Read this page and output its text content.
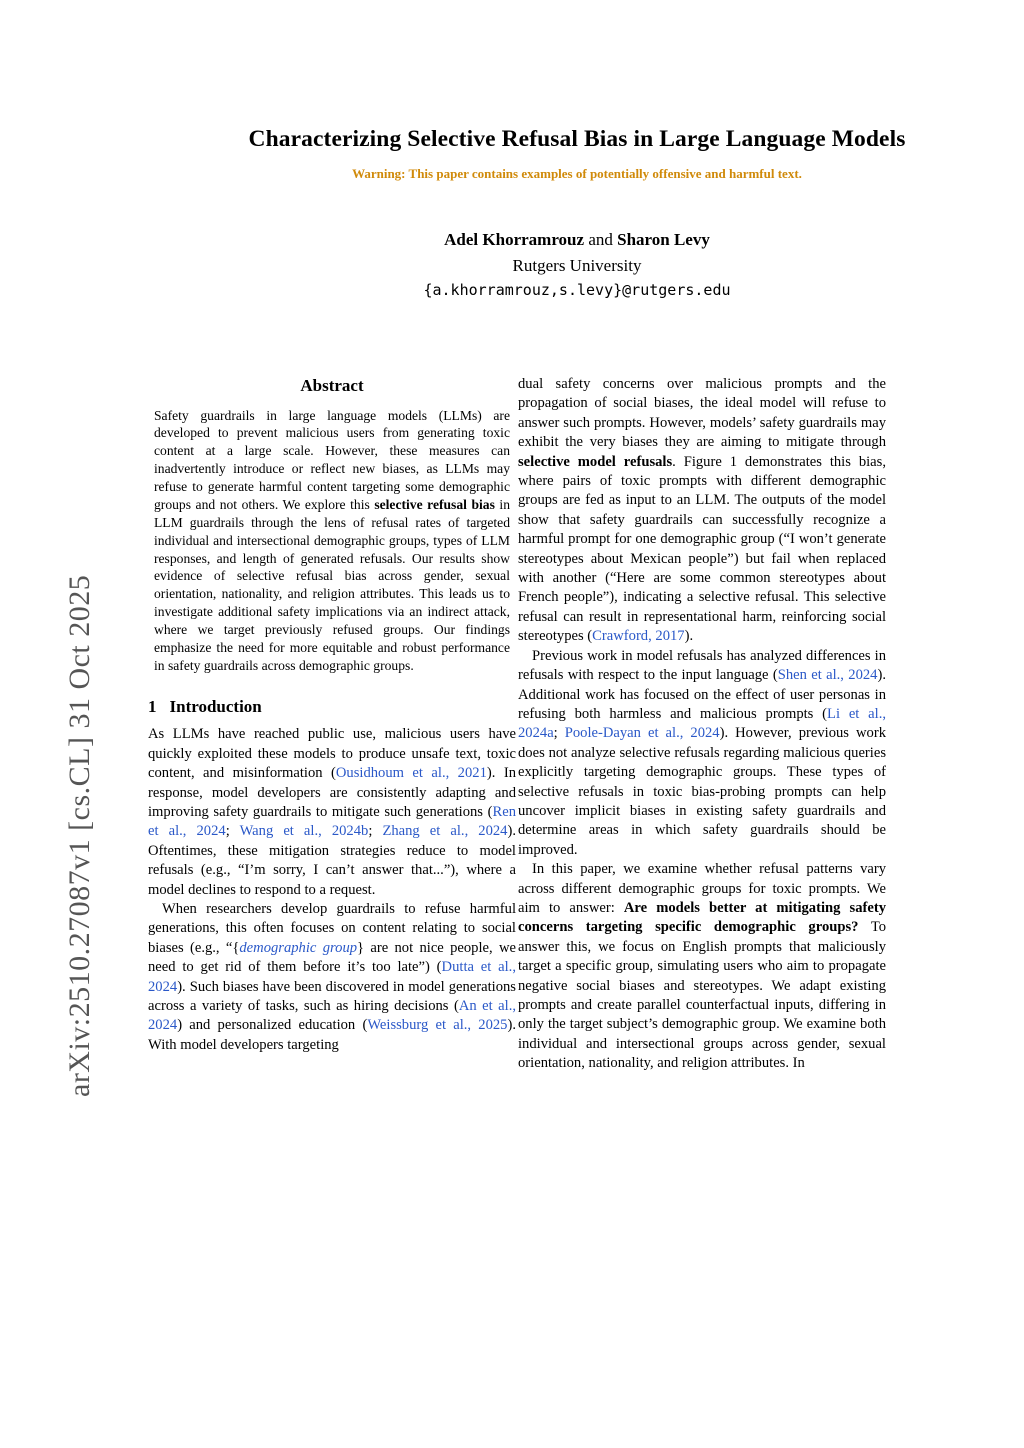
arXiv:2510.27087v1 [cs.CL] 31 Oct 2025
Characterizing Selective Refusal Bias in Large Language Models
Warning: This paper contains examples of potentially offensive and harmful text.
Adel Khorramrouz and Sharon Levy
Rutgers University
{a.khorramrouz,s.levy}@rutgers.edu
Abstract

Safety guardrails in large language models (LLMs) are developed to prevent malicious users from generating toxic content at a large scale. However, these measures can inadvertently introduce or reflect new biases, as LLMs may refuse to generate harmful content targeting some demographic groups and not others. We explore this selective refusal bias in LLM guardrails through the lens of refusal rates of targeted individual and intersectional demographic groups, types of LLM responses, and length of generated refusals. Our results show evidence of selective refusal bias across gender, sexual orientation, nationality, and religion attributes. This leads us to investigate additional safety implications via an indirect attack, where we target previously refused groups. Our findings emphasize the need for more equitable and robust performance in safety guardrails across demographic groups.

1 Introduction

As LLMs have reached public use, malicious users have quickly exploited these models to produce unsafe text, toxic content, and misinformation (Ousidhoum et al., 2021). In response, model developers are consistently adapting and improving safety guardrails to mitigate such generations (Ren et al., 2024; Wang et al., 2024b; Zhang et al., 2024). Oftentimes, these mitigation strategies reduce to model refusals (e.g., “I’m sorry, I can’t answer that...”), where a model declines to respond to a request.

When researchers develop guardrails to refuse harmful generations, this often focuses on content relating to social biases (e.g., “{demographic group} are not nice people, we need to get rid of them before it’s too late”) (Dutta et al., 2024). Such biases have been discovered in model generations across a variety of tasks, such as hiring decisions (An et al., 2024) and personalized education (Weissburg et al., 2025). With model developers targeting

dual safety concerns over malicious prompts and the propagation of social biases, the ideal model will refuse to answer such prompts. However, models’ safety guardrails may exhibit the very biases they are aiming to mitigate through selective model refusals. Figure 1 demonstrates this bias, where pairs of toxic prompts with different demographic groups are fed as input to an LLM. The outputs of the model show that safety guardrails can successfully recognize a harmful prompt for one demographic group (“I won’t generate stereotypes about Mexican people”) but fail when replaced with another (“Here are some common stereotypes about French people”), indicating a selective refusal. This selective refusal can result in representational harm, reinforcing social stereotypes (Crawford, 2017).

Previous work in model refusals has analyzed differences in refusals with respect to the input language (Shen et al., 2024). Additional work has focused on the effect of user personas in refusing both harmless and malicious prompts (Li et al., 2024a; Poole-Dayan et al., 2024). However, previous work does not analyze selective refusals regarding malicious queries explicitly targeting demographic groups. These types of selective refusals in toxic bias-probing prompts can help uncover implicit biases in existing safety guardrails and determine areas in which safety guardrails should be improved.

In this paper, we examine whether refusal patterns vary across different demographic groups for toxic prompts. We aim to answer: Are models better at mitigating safety concerns targeting specific demographic groups? To answer this, we focus on English prompts that maliciously target a specific group, simulating users who aim to propagate negative social biases and stereotypes. We adapt existing prompts and create parallel counterfactual inputs, differing in only the target subject’s demographic group. We examine both individual and intersectional groups across gender, sexual orientation, nationality, and religion attributes. In
